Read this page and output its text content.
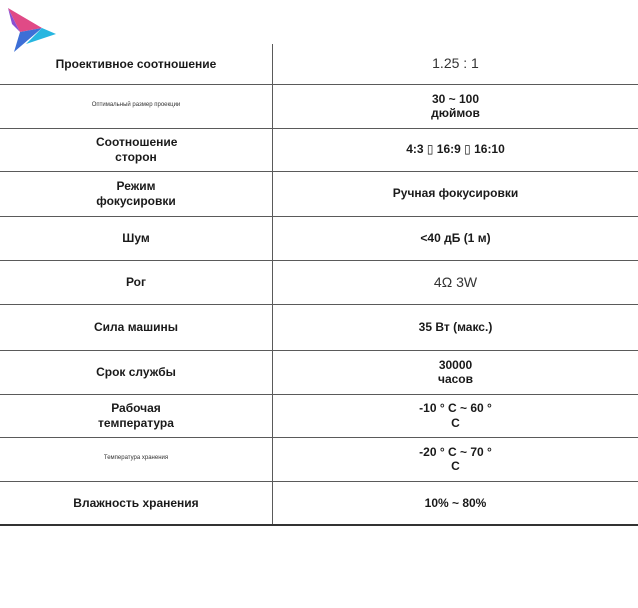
Проективное соотношение	1.25 : 1
Оптимальный размер проекции	30 ~ 100 дюймов
Соотношение сторон	4:3 ▯ 16:9 ▯ 16:10
Режим фокусировки	Ручная фокусировки
Шум	<40 дБ (1 м)
Рог	4Ω 3W
Сила машины	35 Вт (макс.)
Срок службы	30000 часов
Рабочая температура	-10 ° C ~ 60 ° C
Температура хранения	-20 ° C ~ 70 ° C
Влажность хранения	10% ~ 80%
